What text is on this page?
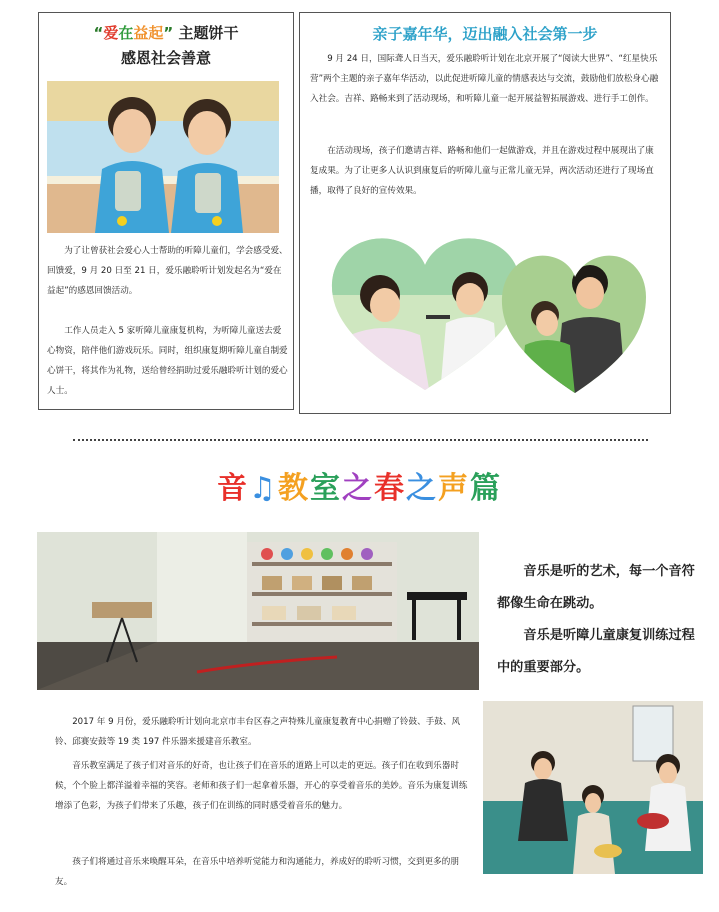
“爱在益起” 主题饼干
感恩社会善意
为了让曾获社会爱心人士帮助的听障儿童们，学会感受爱、回馈爱，9 月 20 日至 21 日，爱乐融聆听计划发起名为“爱在益起”的感恩回馈活动。
工作人员走入 5 家听障儿童康复机构，为听障儿童送去爱心物资，陪伴他们游戏玩乐。同时，组织康复期听障儿童自制爱心饼干，将其作为礼物，送给曾经捐助过爱乐融聆听计划的爱心人士。
亲子嘉年华，迈出融入社会第一步
9 月 24 日，国际聋人日当天，爱乐融聆听计划在北京开展了“阅读大世界”、“红星快乐营”两个主题的亲子嘉年华活动，以此促进听障儿童的情感表达与交流，鼓励他们放松身心融入社会。吉祥、路畅来到了活动现场，和听障儿童一起开展益智拓展游戏、进行手工创作。
在活动现场，孩子们邀请吉祥、路畅和他们一起做游戏，并且在游戏过程中展现出了康复成果。为了让更多人认识到康复后的听障儿童与正常儿童无异，两次活动还进行了现场直播，取得了良好的宣传效果。
音♫教室之春之声篇
音乐是听的艺术，每一个音符都像生命在跳动。
音乐是听障儿童康复训练过程中的重要部分。
2017 年 9 月份，爱乐融聆听计划向北京市丰台区春之声特殊儿童康复教育中心捐赠了铃鼓、手鼓、风铃、邱赛安鼓等 19 类 197 件乐器来援建音乐教室。
音乐教室满足了孩子们对音乐的好奇，也让孩子们在音乐的道路上可以走的更远。孩子们在收到乐器时候，个个脸上都洋溢着幸福的笑容。老师和孩子们一起拿着乐器，开心的享受着音乐的美妙。音乐为康复训练增添了色彩，为孩子们带来了乐趣，孩子们在训练的同时感受着音乐的魅力。
孩子们将通过音乐来唤醒耳朵，在音乐中培养听觉能力和沟通能力，养成好的聆听习惯，交到更多的朋友。
